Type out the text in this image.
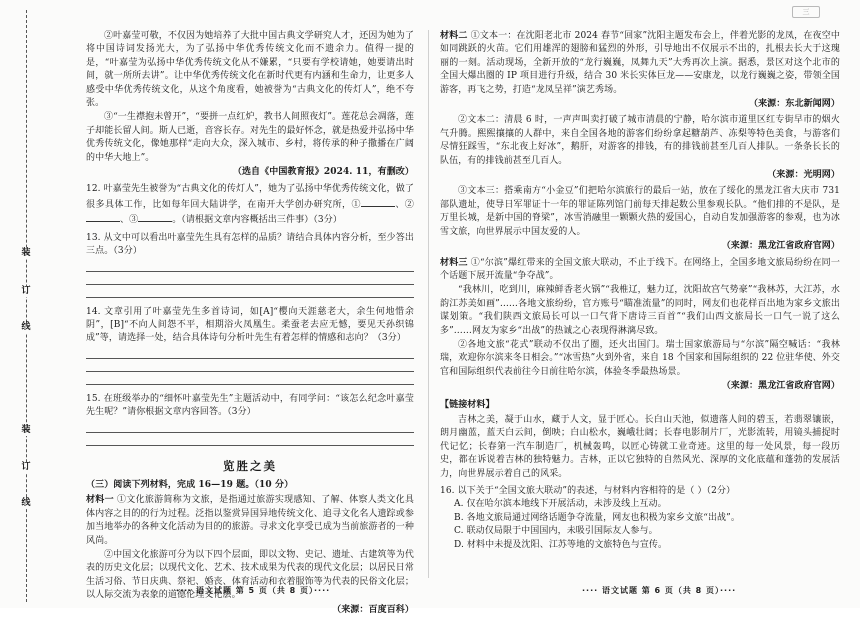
三
装
订
线
装
订
线

②叶嘉莹可敬，不仅因为她培养了大批中国古典文学研究人才，还因为她为了将中国诗词发扬光大，为了弘扬中华优秀传统文化而不遗余力。值得一提的是，“叶嘉莹为弘扬中华优秀传统文化从不嫌累，“只要有学校请她，她要请出时间，就一所所去讲”。让中华优秀传统文化在新时代更有内涵和生命力，让更多人感受中华优秀传统文化，从这个角度看，她被誉为“古典文化的传灯人”，绝不夸张。

③“一生襟抱未曾开”，“要拼一点红炉，教书人间照夜灯”。莲花总会凋落，莲子却能长留人间。斯人已逝，音容长存。对先生的最好怀念，就是热爱并弘扬中华优秀传统文化，像她那样“走向大众，深入城市、乡村，将传承的种子撒播在广阔的中华大地上”。

（选自《中国教育报》2024. 11，有删改）

12. 叶嘉莹先生被誉为“古典文化的传灯人”，她为了弘扬中华优秀传统文化，做了很多具体工作，比如每年回大陆讲学，在南开大学创办研究所，①	、②、③	。（请根据文章内容概括出三件事）（3分）

13. 从文中可以看出叶嘉莹先生具有怎样的品质？请结合具体内容分析，至少答出三点。（3分）

14. 文章引用了叶嘉莹先生多首诗词，如[A]“樱向天涯慈老大，余生何地惜余阴”，[B]“不向人间怨不平，相期浴火凤凰生。柔蚕老去应无憾，要见天孙织锦成”等，请选择一处，结合具体诗句分析叶先生有着怎样的情感和志向？（3分）

15. 在班级举办的“细怀叶嘉莹先生”主题活动中，有同学问：“该怎么纪念叶嘉莹先生呢？”请你根据文章内容回答。（3分）

览胜之美

（三）阅读下列材料，完成 16—19 题。（10 分）

材料一 ①文化旅游简称为文旅，是指通过旅游实现感知、了解、体察人类文化具体内容之目的的行为过程。泛指以鉴赏异国异地传统文化、追寻文化名人遗踪或参加当地举办的各种文化活动为目的的旅游。寻求文化享受已成为当前旅游者的一种风尚。

②中国文化旅游可分为以下四个层面，即以文物、史记、遗址、古建筑等为代表的历史文化层；以现代文化、艺术、技术成果为代表的现代文化层；以居民日常生活习俗、节日庆典、祭祀、婚丧、体育活动和衣着服饰等为代表的民俗文化层；以人际交流为表象的道德伦理文化层。

（来源：百度百科）

材料二 ①文本一：在沈阳老北市 2024 春节“回家”沈阳主题发布会上，伴着光影的龙凤，在夜空中如同跳跃的火苗。它们用雄浑的翅膀和猛烈的外形，引导地出不仅展示不出的，扎根去长大于这瑰丽的一刻。活动现场，全新开放的“龙行巍巍，凤舞九天”大秀再次上演。据悉，景区对这个北市的全国大爆出圈的 IP 项目进行升级，结合 30 米长实体巨龙——安康龙，以龙行巍巍之姿，带领全国游客，再飞之势，打造“龙凤呈祥”演艺秀场。

（来源：东北新闻网）

②文本二：清晨 6 时，一声声叫卖打破了城市清晨的宁静，哈尔滨市道里区红专街早市的烟火气升腾。熙熙攘攘的人群中，来自全国各地的游客们纷纷拿起糖葫芦、冻梨等特色美食，与游客们尽情狂踩雪，“东北夜上好冰”，鹅肝，对游客的排钱，有的排钱前甚至几百人排队。一条条长长的队伍，有的排钱前甚至几百人。

（来源：光明网）

③文本三：搭乘南方“小金豆”们把哈尔滨旅行的最后一站，放在了绥化的黑龙江省大庆市 731 部队遗址，使导日军罪证十一年的罪证陈列馆门前每天排起数公里参观长队。“他们排的不是队，是万里长城，是新中国的脊梁”，冰雪消融里一颗颗火热的爱国心，自动自发加强游客的参观，也为冰雪文旅，向世界展示中国友爱的人。

（来源：黑龙江省政府官网）

材料三 ①“尔滨”爆红带来的全国文旅大联动，不止于线下。在网络上，全国多地文旅局纷纷在同一个话题下展开流量“争夺战”。

“我林川，吃到川，麻辣鲜香老火锅”“我椎辽，魅力辽，沈阳故宫气势豪”“我林苏，大江苏，水韵江苏美如画”……各地文旅纷纷，官方账号“瞄准流量”的同时，网友们也花样百出地为家乡文旅出谋划策。“我们陕西文旅局长可以一口气背下唐诗三百首”“我们山西文旅局长一口气一说了这么多”……网友为家乡“出战”的热诚之心表现得淋漓尽致。

②各地文旅“花式”联动不仅出了圈，还火出国门。瑞士国家旅游局与“尔滨”隔空喊话：“我林瑞，欢迎你尔滨来冬日相会。”“冰雪热”火到外省，来自 18 个国家和国际组织的 22 位驻华使、外交官和国际组织代表前往今日前往哈尔滨，体验冬季最热场景。

（来源：黑龙江省政府官网）

【链接材料】

吉林之美，凝于山水，藏于人文，显于匠心。长白山天池，似遗落人间的碧玉，若翡翠镶嵌，朗月幽蓝，蓝天白云间，倒映；白山松水，巍峨壮阔；长春电影制片厂，光影流转，用镜头捕捉时代记忆；长春第一汽车制造厂，机械轰鸣，以匠心铸就工业奇迹。这里的每一处风景，每一段历史，都在诉说着吉林的独特魅力。吉林，正以它独特的自然风光、深厚的文化底蕴和蓬勃的发展活力，向世界展示着自己的风采。

16. 以下关于“全国文旅大联动”的表述，与材料内容相符的是（ ）（2分）

A. 仅在哈尔滨本地线下开展活动，未涉及线上互动。

B. 各地文旅局通过网络话题争夺流量，网友也积极为家乡文旅“出战”。

C. 联动仅局限于中国国内，未吸引国际友人参与。

D. 材料中未提及沈阳、江苏等地的文旅特色与宣传。

···· 语文试题 第 5 页（共 8 页）····	···· 语文试题 第 6 页（共 8 页）····
